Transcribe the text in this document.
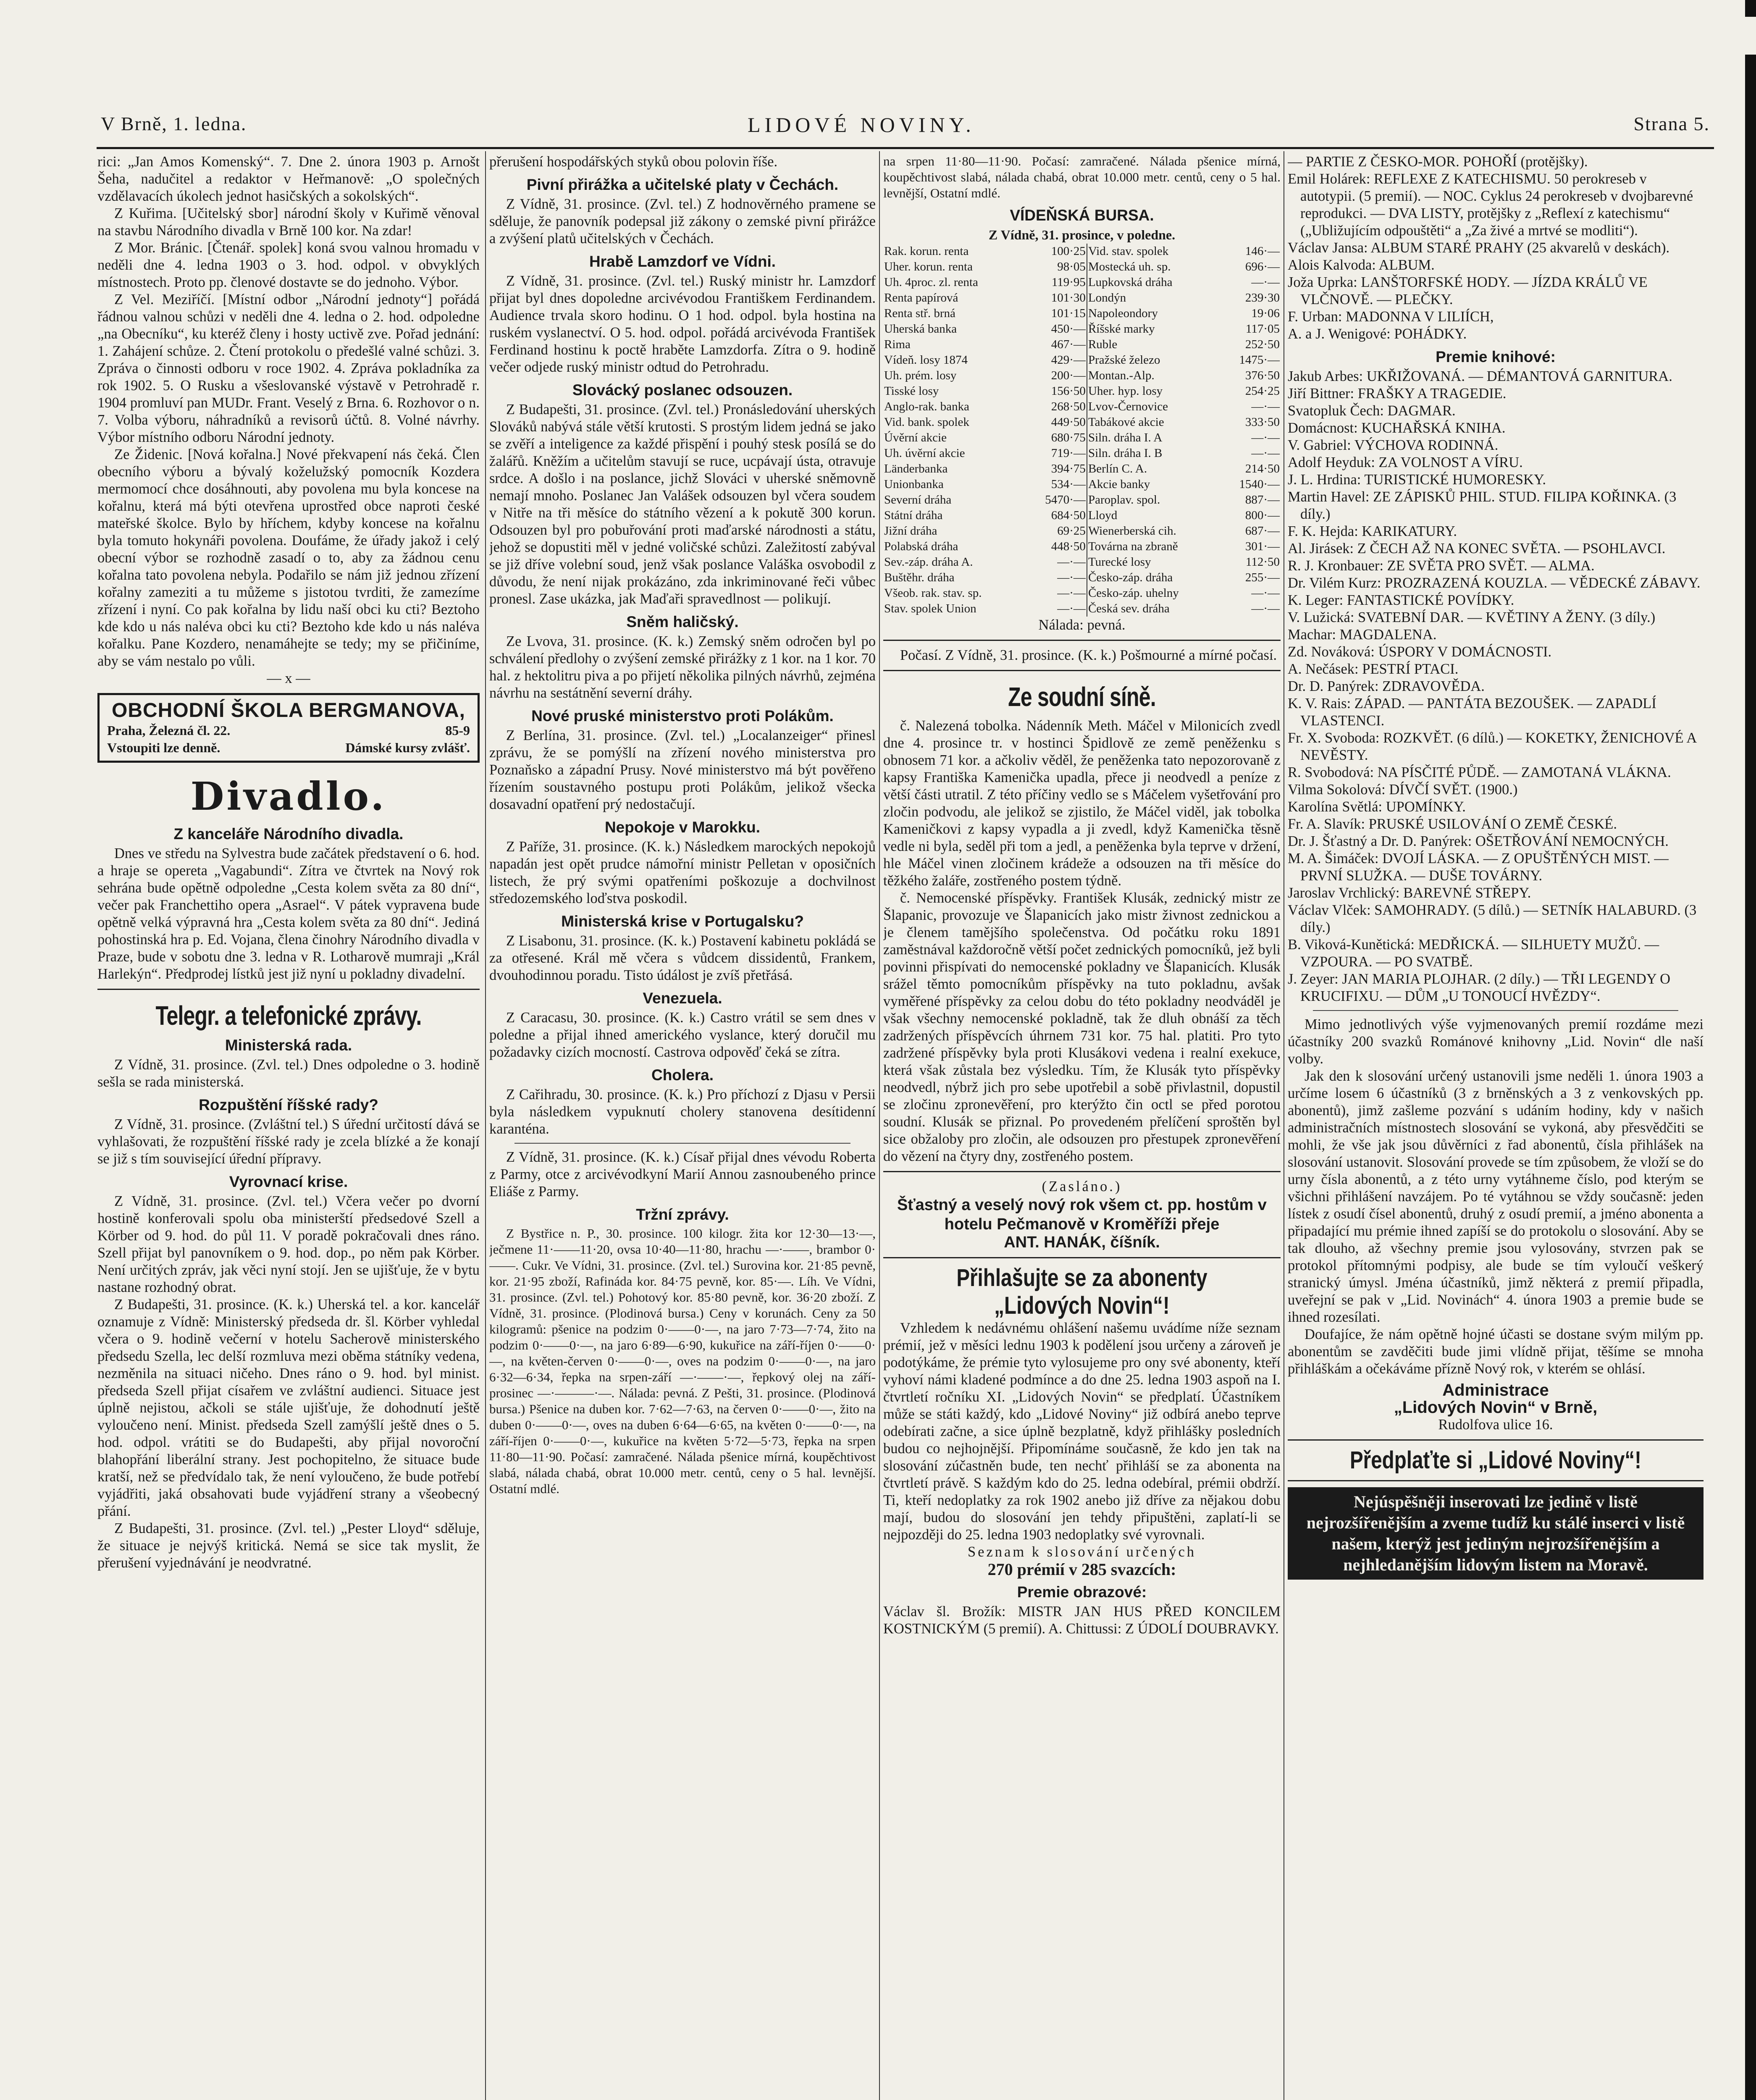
V Brně, 1. ledna.	LIDOVÉ NOVINY.	Strana 5.

rici: „Jan Amos Komenský“. 7. Dne 2. února 1903 p. Arnošt Šeha, nadučitel a redaktor v Heřmanově: „O společných vzdělavacích úkolech jednot hasičských a sokolských“.

Z Kuřima. [Učitelský sbor] národní školy v Kuřimě věnoval na stavbu Národního divadla v Brně 100 kor. Na zdar!

Z Mor. Bránic. [Čtenář. spolek] koná svou valnou hromadu v neděli dne 4. ledna 1903 o 3. hod. odpol. v obvyklých místnostech. Proto pp. členové dostavte se do jednoho. Výbor.

Z Vel. Meziříčí. [Místní odbor „Národní jednoty“] pořádá řádnou valnou schůzi v neděli dne 4. ledna o 2. hod. odpoledne „na Obecníku“, ku kteréž členy i hosty uctivě zve. Pořad jednání: 1. Zahájení schůze. 2. Čtení protokolu o předešlé valné schůzi. 3. Zpráva o činnosti odboru v roce 1902. 4. Zpráva pokladníka za rok 1902. 5. O Rusku a všeslovanské výstavě v Petrohradě r. 1904 promluví pan MUDr. Frant. Veselý z Brna. 6. Rozhovor o n. 7. Volba výboru, náhradníků a revisorů účtů. 8. Volné návrhy. Výbor místního odboru Národní jednoty.

Ze Židenic. [Nová kořalna.] Nové překvapení nás čeká. Člen obecního výboru a bývalý koželužský pomocník Kozdera mermomocí chce dosáhnouti, aby povolena mu byla koncese na kořalnu, která má býti otevřena uprostřed obce naproti české mateřské školce. Bylo by hříchem, kdyby koncese na kořalnu byla tomuto hokynáři povolena. Doufáme, že úřady jakož i celý obecní výbor se rozhodně zasadí o to, aby za žádnou cenu kořalna tato povolena nebyla. Podařilo se nám již jednou zřízení kořalny zameziti a tu můžeme s jistotou tvrditi, že zamezíme zřízení i nyní. Co pak kořalna by lidu naší obci ku cti? Beztoho kde kdo u nás naléva obci ku cti? Beztoho kde kdo u nás naléva kořalku. Pane Kozdero, nenamáhejte se tedy; my se přičiníme, aby se vám nestalo po vůli.

— x —

OBCHODNÍ ŠKOLA BERGMANOVA,
Praha, Železná čl. 22.	85-9
Vstoupiti lze denně.	Dámské kursy zvlášť.
Divadlo.
Z kanceláře Národního divadla.

Dnes ve středu na Sylvestra bude začátek představení o 6. hod. a hraje se opereta „Vagabundi“. Zítra ve čtvrtek na Nový rok sehrána bude opětně odpoledne „Cesta kolem světa za 80 dní“, večer pak Franchettiho opera „Asrael“. V pátek vypravena bude opětně velká výpravná hra „Cesta kolem světa za 80 dní“. Jediná pohostinská hra p. Ed. Vojana, člena činohry Národního divadla v Praze, bude v sobotu dne 3. ledna v R. Lotharově mumraji „Král Harlekýn“. Předprodej lístků jest již nyní u pokladny divadelní.

Telegr. a telefonické zprávy.
Ministerská rada.

Z Vídně, 31. prosince. (Zvl. tel.) Dnes odpoledne o 3. hodině sešla se rada ministerská.

Rozpuštění říšské rady?

Z Vídně, 31. prosince. (Zvláštní tel.) S úřední určitostí dává se vyhlašovati, že rozpuštění říšské rady je zcela blízké a že konají se již s tím související úřední přípravy.

Vyrovnací krise.

Z Vídně, 31. prosince. (Zvl. tel.) Včera večer po dvorní hostině konferovali spolu oba ministerští předsedové Szell a Körber od 9. hod. do půl 11. V poradě pokračovali dnes ráno. Szell přijat byl panovníkem o 9. hod. dop., po něm pak Körber. Není určitých zpráv, jak věci nyní stojí. Jen se ujišťuje, že v bytu nastane rozhodný obrat.

Z Budapešti, 31. prosince. (K. k.) Uherská tel. a kor. kancelář oznamuje z Vídně: Ministerský předseda dr. šl. Körber vyhledal včera o 9. hodině večerní v hotelu Sacherově ministerského předsedu Szella, lec delší rozmluva mezi oběma státníky vedena, nezměnila na situaci ničeho. Dnes ráno o 9. hod. byl minist. předseda Szell přijat císařem ve zvláštní audienci. Situace jest úplně nejistou, ačkoli se stále ujišťuje, že dohodnutí ještě vyloučeno není. Minist. předseda Szell zamýšlí ještě dnes o 5. hod. odpol. vrátiti se do Budapešti, aby přijal novoroční blahopřání liberální strany. Jest pochopitelno, že situace bude kratší, než se předvídalo tak, že není vyloučeno, že bude potřebí vyjádřiti, jaká obsahovati bude vyjádření strany a všeobecný přání.

Z Budapešti, 31. prosince. (Zvl. tel.) „Pester Lloyd“ sděluje, že situace je nejvýš kritická. Nemá se sice tak myslit, že přerušení vyjednávání je neodvratné.

přerušení hospodářských styků obou polovin říše.

Pivní přirážka a učitelské platy v Čechách.

Z Vídně, 31. prosince. (Zvl. tel.) Z hodnověrného pramene se sděluje, že panovník podepsal již zákony o zemské pivní přirážce a zvýšení platů učitelských v Čechách.

Hrabě Lamzdorf ve Vídni.

Z Vídně, 31. prosince. (Zvl. tel.) Ruský ministr hr. Lamzdorf přijat byl dnes dopoledne arcivévodou Františkem Ferdinandem. Audience trvala skoro hodinu. O 1 hod. odpol. byla hostina na ruském vyslanectví. O 5. hod. odpol. pořádá arcivévoda František Ferdinand hostinu k poctě hraběte Lamzdorfa. Zítra o 9. hodině večer odjede ruský ministr odtud do Petrohradu.

Slovácký poslanec odsouzen.

Z Budapešti, 31. prosince. (Zvl. tel.) Pronásledování uherských Slováků nabývá stále větší krutosti. S prostým lidem jedná se jako se zvěří a inteligence za každé přispění i pouhý stesk posílá se do žalářů. Kněžím a učitelům stavují se ruce, ucpávají ústa, otravuje srdce. A došlo i na poslance, jichž Slováci v uherské sněmovně nemají mnoho. Poslanec Jan Valášek odsouzen byl včera soudem v Nitře na tři měsíce do státního vězení a k pokutě 300 korun. Odsouzen byl pro pobuřování proti maďarské národnosti a státu, jehož se dopustiti měl v jedné voličské schůzi. Zaležitostí zabýval se již dříve volební soud, jenž však poslance Valáška osvobodil z důvodu, že není nijak prokázáno, zda inkriminované řeči vůbec pronesl. Zase ukázka, jak Maďaři spravedlnost — polikují.

Sněm haličský.

Ze Lvova, 31. prosince. (K. k.) Zemský sněm odročen byl po schválení předlohy o zvýšení zemské přirážky z 1 kor. na 1 kor. 70 hal. z hektolitru piva a po přijetí několika pilných návrhů, zejména návrhu na sestátnění severní dráhy.

Nové pruské ministerstvo proti Polákům.

Z Berlína, 31. prosince. (Zvl. tel.) „Localanzeiger“ přinesl zprávu, že se pomýšlí na zřízení nového ministerstva pro Poznaňsko a západní Prusy. Nové ministerstvo má být pověřeno řízením soustavného postupu proti Polákům, jelikož všecka dosavadní opatření prý nedostačují.

Nepokoje v Marokku.

Z Paříže, 31. prosince. (K. k.) Následkem marockých nepokojů napadán jest opět prudce námořní ministr Pelletan v oposičních listech, že prý svými opatřeními poškozuje a dochvilnost středozemského loďstva poskodil.

Ministerská krise v Portugalsku?

Z Lisabonu, 31. prosince. (K. k.) Postavení kabinetu pokládá se za otřesené. Král mě včera s vůdcem dissidentů, Frankem, dvouhodinnou poradu. Tisto údálost je zvíš přetřásá.

Venezuela.

Z Caracasu, 30. prosince. (K. k.) Castro vrátil se sem dnes v poledne a přijal ihned amerického vyslance, který doručil mu požadavky cizích mocností. Castrova odpověď čeká se zítra.

Cholera.

Z Cařihradu, 30. prosince. (K. k.) Pro příchozí z Djasu v Persii byla následkem vypuknutí cholery stanovena desítidenní karanténa.

Z Vídně, 31. prosince. (K. k.) Císař přijal dnes vévodu Roberta z Parmy, otce z arcivévodkyní Marií Annou zasnoubeného prince Eliáše z Parmy.

Tržní zprávy.

Z Bystřice n. P., 30. prosince. 100 kilogr. žita kor 12·30—13·—, ječmene 11·——11·20, ovsa 10·40—11·80, hrachu —·——, brambor 0·——. Cukr. Ve Vídni, 31. prosince. (Zvl. tel.) Surovina kor. 21·85 pevně, kor. 21·95 zboží, Rafináda kor. 84·75 pevně, kor. 85·—. Líh. Ve Vídni, 31. prosince. (Zvl. tel.) Pohotový kor. 85·80 pevně, kor. 36·20 zboží. Z Vídně, 31. prosince. (Plodinová bursa.) Ceny v korunách. Ceny za 50 kilogramů: pšenice na podzim 0·——0·—, na jaro 7·73—7·74, žito na podzim 0·——0·—, na jaro 6·89—6·90, kukuřice na září-říjen 0·——0·—, na květen-červen 0·——0·—, oves na podzim 0·——0·—, na jaro 6·32—6·34, řepka na srpen-září —·——·—, řepkový olej na září-prosinec —·———·—. Nálada: pevná. Z Pešti, 31. prosince. (Plodinová bursa.) Pšenice na duben kor. 7·62—7·63, na červen 0·——0·—, žito na duben 0·——0·—, oves na duben 6·64—6·65, na květen 0·——0·—, na září-říjen 0·——0·—, kukuřice na květen 5·72—5·73, řepka na srpen 11·80—11·90. Počasí: zamračené. Nálada pšenice mírná, koupěchtivost slabá, nálada chabá, obrat 10.000 metr. centů, ceny o 5 hal. levnější. Ostatní mdlé.

na srpen 11·80—11·90. Počasí: zamračené. Nálada pšenice mírná, koupěchtivost slabá, nálada chabá, obrat 10.000 metr. centů, ceny o 5 hal. levnější, Ostatní mdlé.

VÍDEŇSKÁ BURSA.

Z Vídně, 31. prosince, v poledne.

Rak. korun. renta	100·25	Vid. stav. spolek	146·—
Uher. korun. renta	98·05	Mostecká uh. sp.	696·—
Uh. 4proc. zl. renta	119·95	Lupkovská dráha	—·—
Renta papírová	101·30	Londýn	239·30
Renta stř. brná	101·15	Napoleondory	19·06
Uherská banka	450·—	Říšské marky	117·05
Rima	467·—	Ruble	252·50
Vídeň. losy 1874	429·—	Pražské železo	1475·—
Uh. prém. losy	200·—	Montan.-Alp.	376·50
Tisské losy	156·50	Uher. hyp. losy	254·25
Anglo-rak. banka	268·50	Lvov-Černovice	—·—
Vid. bank. spolek	449·50	Tabákové akcie	333·50
Úvěrní akcie	680·75	Siln. dráha I. A	—·—
Uh. úvěrní akcie	719·—	Siln. dráha I. B	—·—
Länderbanka	394·75	Berlín C. A.	214·50
Unionbanka	534·—	Akcie banky	1540·—
Severní dráha	5470·—	Paroplav. spol.	887·—
Státní dráha	684·50	Lloyd	800·—
Jižní dráha	69·25	Wienerberská cih.	687·—
Polabská dráha	448·50	Továrna na zbraně	301·—
Sev.-záp. dráha A.	—·—	Turecké losy	112·50
Buštěhr. dráha	—·—	Česko-záp. dráha	255·—
Všeob. rak. stav. sp.	—·—	Česko-záp. uhelny	—·—
Stav. spolek Union	—·—	Česká sev. dráha	—·—

Nálada: pevná.

Počasí. Z Vídně, 31. prosince. (K. k.) Pošmourné a mírné počasí.

Ze soudní síně.

č. Nalezená tobolka. Nádenník Meth. Máčel v Milonicích zvedl dne 4. prosince tr. v hostinci Špidlově ze země peněženku s obnosem 71 kor. a ačkoliv věděl, že peněženka tato nepozorovaně z kapsy Františka Kamenička upadla, přece ji neodvedl a peníze z větší části utratil. Z této příčiny vedlo se s Máčelem vyšetřování pro zločin podvodu, ale jelikož se zjistilo, že Máčel viděl, jak tobolka Kameničkovi z kapsy vypadla a ji zvedl, když Kamenička těsně vedle ni byla, seděl při tom a jedl, a peněženka byla teprve v držení, hle Máčel vinen zločinem krádeže a odsouzen na tři měsíce do těžkého žaláře, zostřeného postem týdně.

č. Nemocenské příspěvky. František Klusák, zednický mistr ze Šlapanic, provozuje ve Šlapanicích jako mistr živnost zednickou a je členem tamějšího společenstva. Od počátku roku 1891 zaměstnával každoročně větší počet zednických pomocníků, jež byli povinni přispívati do nemocenské pokladny ve Šlapanicích. Klusák srážel těmto pomocníkům příspěvky na tuto pokladnu, avšak vyměřené příspěvky za celou dobu do této pokladny neodváděl je však všechny nemocenské pokladně, tak že dluh obnáší za těch zadržených příspěvcích úhrnem 731 kor. 75 hal. platiti. Pro tyto zadržené příspěvky byla proti Klusákovi vedena i realní exekuce, která však zůstala bez výsledku. Tím, že Klusák tyto příspěvky neodvedl, nýbrž jich pro sebe upotřebil a sobě přivlastnil, dopustil se zločinu zpronevěření, pro kterýžto čin octl se před porotou soudní. Klusák se přiznal. Po provedeném přelíčení sproštěn byl sice obžaloby pro zločin, ale odsouzen pro přestupek zpronevěření do vězení na čtyry dny, zostřeného postem.

(Zasláno.)

Šťastný a veselý nový rok všem ct. pp. hostům v hotelu Pečmanově v Kroměříži přeje

ANT. HANÁK, číšník.

Přihlašujte se za abonenty „Lidových Novin“!

Vzhledem k nedávnému ohlášení našemu uvádíme níže seznam prémií, jež v měsíci lednu 1903 k podělení jsou určeny a zároveň je podotýkáme, že prémie tyto vylosujeme pro ony své abonenty, kteří vyhoví námi kladené podmínce a do dne 25. ledna 1903 aspoň na I. čtvrtletí ročníku XI. „Lidových Novin“ se předplatí. Účastníkem může se státi každý, kdo „Lidové Noviny“ již odbírá anebo teprve odebírati začne, a sice úplně bezplatně, když přihlášky posledních budou co nejhojnější. Připomínáme současně, že kdo jen tak na slosování zúčastněn bude, ten nechť přihláší se za abonenta na čtvrtletí právě. S každým kdo do 25. ledna odebíral, prémii obdrží. Ti, kteří nedoplatky za rok 1902 anebo již dříve za nějakou dobu mají, budou do slosování jen tehdy připuštěni, zaplatí-li se nejpozději do 25. ledna 1903 nedoplatky své vyrovnali.

Seznam k slosování určených

270 prémií v 285 svazcích:

Premie obrazové:

Václav šl. Brožík: MISTR JAN HUS PŘED KONCILEM KOSTNICKÝM (5 premií). A. Chittussi: Z ÚDOLÍ DOUBRAVKY.

— PARTIE Z ČESKO-MOR. POHOŘÍ (protějšky).

Emil Holárek: REFLEXE Z KATECHISMU. 50 perokreseb v autotypii. (5 premií). — NOC. Cyklus 24 perokreseb v dvojbarevné reprodukci. — DVA LISTY, protějšky z „Reflexí z katechismu“ („Ubližujícím odpouštěti“ a „Za živé a mrtvé se modliti“).

Václav Jansa: ALBUM STARÉ PRAHY (25 akvarelů v deskách).

Alois Kalvoda: ALBUM.

Joža Uprka: LANŠTORFSKÉ HODY. — JÍZDA KRÁLŮ VE VLČNOVĚ. — PLEČKY.

F. Urban: MADONNA V LILIÍCH,

A. a J. Wenigové: POHÁDKY.

Premie knihové:

Jakub Arbes: UKŘIŽOVANÁ. — DÉMANTOVÁ GARNITURA.

Jiří Bittner: FRAŠKY A TRAGEDIE.

Svatopluk Čech: DAGMAR.

Domácnost: KUCHAŘSKÁ KNIHA.

V. Gabriel: VÝCHOVA RODINNÁ.

Adolf Heyduk: ZA VOLNOST A VÍRU.

J. L. Hrdina: TURISTICKÉ HUMORESKY.

Martin Havel: ZE ZÁPISKŮ PHIL. STUD. FILIPA KOŘINKA. (3 díly.)

F. K. Hejda: KARIKATURY.

Al. Jirásek: Z ČECH AŽ NA KONEC SVĚTA. — PSOHLAVCI.

R. J. Kronbauer: ZE SVĚTA PRO SVĚT. — ALMA.

Dr. Vilém Kurz: PROZRAZENÁ KOUZLA. — VĚDECKÉ ZÁBAVY.

K. Leger: FANTASTICKÉ POVÍDKY.

V. Lužická: SVATEBNÍ DAR. — KVĚTINY A ŽENY. (3 díly.)

Machar: MAGDALENA.

Zd. Nováková: ÚSPORY V DOMÁCNOSTI.

A. Nečásek: PESTRÍ PTACI.

Dr. D. Panýrek: ZDRAVOVĚDA.

K. V. Rais: ZÁPAD. — PANTÁTA BEZOUŠEK. — ZAPADLÍ VLASTENCI.

Fr. X. Svoboda: ROZKVĚT. (6 dílů.) — KOKETKY, ŽENICHOVÉ A NEVĚSTY.

R. Svobodová: NA PÍSČITÉ PŮDĚ. — ZAMOTANÁ VLÁKNA.

Vilma Sokolová: DÍVČÍ SVĚT. (1900.)

Karolína Světlá: UPOMÍNKY.

Fr. A. Slavík: PRUSKÉ USILOVÁNÍ O ZEMĚ ČESKÉ.

Dr. J. Šťastný a Dr. D. Panýrek: OŠETŘOVÁNÍ NEMOCNÝCH.

M. A. Šimáček: DVOJÍ LÁSKA. — Z OPUŠTĚNÝCH MIST. — PRVNÍ SLUŽKA. — DUŠE TOVÁRNY.

Jaroslav Vrchlický: BAREVNÉ STŘEPY.

Václav Vlček: SAMOHRADY. (5 dílů.) — SETNÍK HALABURD. (3 díly.)

B. Viková-Kunětická: MEDŘICKÁ. — SILHUETY MUŽŮ. — VZPOURA. — PO SVATBĚ.

J. Zeyer: JAN MARIA PLOJHAR. (2 díly.) — TŘI LEGENDY O KRUCIFIXU. — DŮM „U TONOUCÍ HVĚZDY“.

Mimo jednotlivých výše vyjmenovaných premií rozdáme mezi účastníky 200 svazků Románové knihovny „Lid. Novin“ dle naší volby.

Jak den k slosování určený ustanovili jsme neděli 1. února 1903 a určíme losem 6 účastníků (3 z brněnských a 3 z venkovských pp. abonentů), jimž zašleme pozvání s udáním hodiny, kdy v našich administračních místnostech slosování se vykoná, aby přesvědčiti se mohli, že vše jak jsou důvěrníci z řad abonentů, čísla přihlášek na slosování ustanovit. Slosování provede se tím způsobem, že vloží se do urny čísla abonentů, a z této urny vytáhneme číslo, pod kterým se všichni přihlášení navzájem. Po té vytáhnou se vždy současně: jeden lístek z osudí čísel abonentů, druhý z osudí premií, a jméno abonenta a připadající mu prémie ihned zapíší se do protokolu o slosování. Aby se tak dlouho, až všechny premie jsou vylosovány, stvrzen pak se protokol přítomnými podpisy, ale bude se tím vyloučí veškerý stranický úmysl. Jména účastníků, jimž některá z premií připadla, uveřejní se pak v „Lid. Novinách“ 4. února 1903 a premie bude se ihned rozesílati.

Doufajíce, že nám opětně hojné účasti se dostane svým milým pp. abonentům se zavděčiti bude jimi vlídně přijat, těšíme se mnoha přihláškám a očekáváme přízně Nový rok, v kterém se ohlásí.

Administrace

„Lidových Novin“ v Brně,

Rudolfova ulice 16.

Předplaťte si „Lidové Noviny“!
Nejúspěšněji inserovati lze jedině v listě nejrozšířenějším a zveme tudíž ku stálé inserci v listě našem, kterýž jest jediným nejrozšířenějším a nejhledanějším lidovým listem na Moravě.
